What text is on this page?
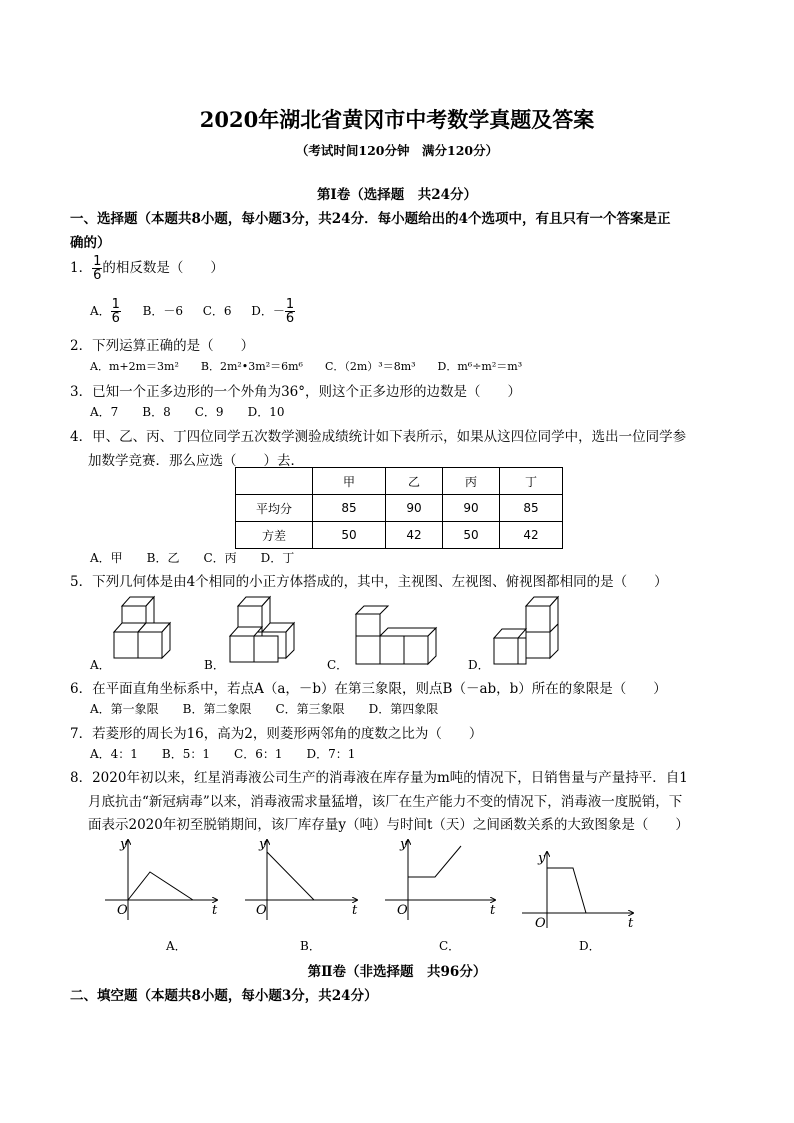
2020年湖北省黄冈市中考数学真题及答案
（考试时间120分钟　满分120分）
第Ⅰ卷（选择题　共24分）
一、选择题（本题共8小题，每小题3分，共24分．每小题给出的4个选项中，有且只有一个答案是正
确的）
1． $\frac{1}{6}$ 的相反数是（　　）
A． $\frac{1}{6}$ B．－6 C．6 D．－ $\frac{1}{6}$
2．下列运算正确的是（　　）
A．m+2m＝3m²　　B．2m²•3m²＝6m⁶　　C．（2m）³＝8m³　　D．m⁶÷m²＝m³
3．已知一个正多边形的一个外角为36°，则这个正多边形的边数是（　　）
A．7　　B．8　　C．9　　D．10
4．甲、乙、丙、丁四位同学五次数学测验成绩统计如下表所示，如果从这四位同学中，选出一位同学参
加数学竞赛．那么应选（　　）去．
	甲	乙	丙	丁
平均分	85	90	90	85
方差	50	42	50	42
A．甲　　B．乙　　C．丙　　D．丁
5．下列几何体是由4个相同的小正方体搭成的，其中，主视图、左视图、俯视图都相同的是（　　）
A．	B．	C．	D．
6．在平面直角坐标系中，若点A（a，－b）在第三象限，则点B（－ab，b）所在的象限是（　　）
A．第一象限　　B．第二象限　　C．第三象限　　D．第四象限
7．若菱形的周长为16，高为2，则菱形两邻角的度数之比为（　　）
A．4：1　　B．5：1　　C．6：1　　D．7：1
8．2020年初以来，红星消毒液公司生产的消毒液在库存量为m吨的情况下，日销售量与产量持平．自1
月底抗击“新冠病毒”以来，消毒液需求量猛增，该厂在生产能力不变的情况下，消毒液一度脱销，下
面表示2020年初至脱销期间，该厂库存量y（吨）与时间t（天）之间函数关系的大致图象是（　　）
y
t
O
y
t
O
y
t
O
y
t
O
A．	B．	C．	D．
第Ⅱ卷（非选择题　共96分）
二、填空题（本题共8小题，每小题3分，共24分）
